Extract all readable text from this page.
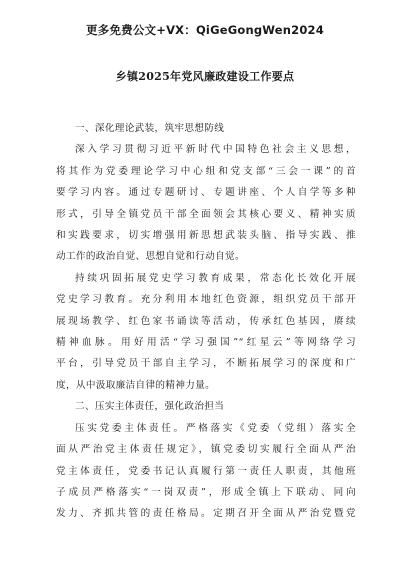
更多免费公文+VX：QiGeGongWen2024
乡镇2025年党风廉政建设工作要点
一、深化理论武装，筑牢思想防线
深入学习贯彻习近平新时代中国特色社会主义思想，
将其作为党委理论学习中心组和党支部“三会一课”的首
要学习内容。通过专题研讨、专题讲座、个人自学等多种
形式，引导全镇党员干部全面领会其核心要义、精神实质
和实践要求，切实增强用新思想武装头脑、指导实践、推
动工作的政治自觉、思想自觉和行动自觉。
持续巩固拓展党史学习教育成果，常态化长效化开展
党史学习教育。充分利用本地红色资源，组织党员干部开
展现场教学、红色家书诵读等活动，传承红色基因，赓续
精神血脉。用好用活“学习强国”“红星云”等网络学习
平台，引导党员干部自主学习，不断拓展学习的深度和广
度，从中汲取廉洁自律的精神力量。
二、压实主体责任，强化政治担当
压实党委主体责任。严格落实《党委（党组）落实全
面从严治党主体责任规定》，镇党委切实履行全面从严治
党主体责任，党委书记认真履行第一责任人职责，其他班
子成员严格落实“一岗双责”，形成全镇上下联动、同向
发力、齐抓共管的责任格局。定期召开全面从严治党暨党
